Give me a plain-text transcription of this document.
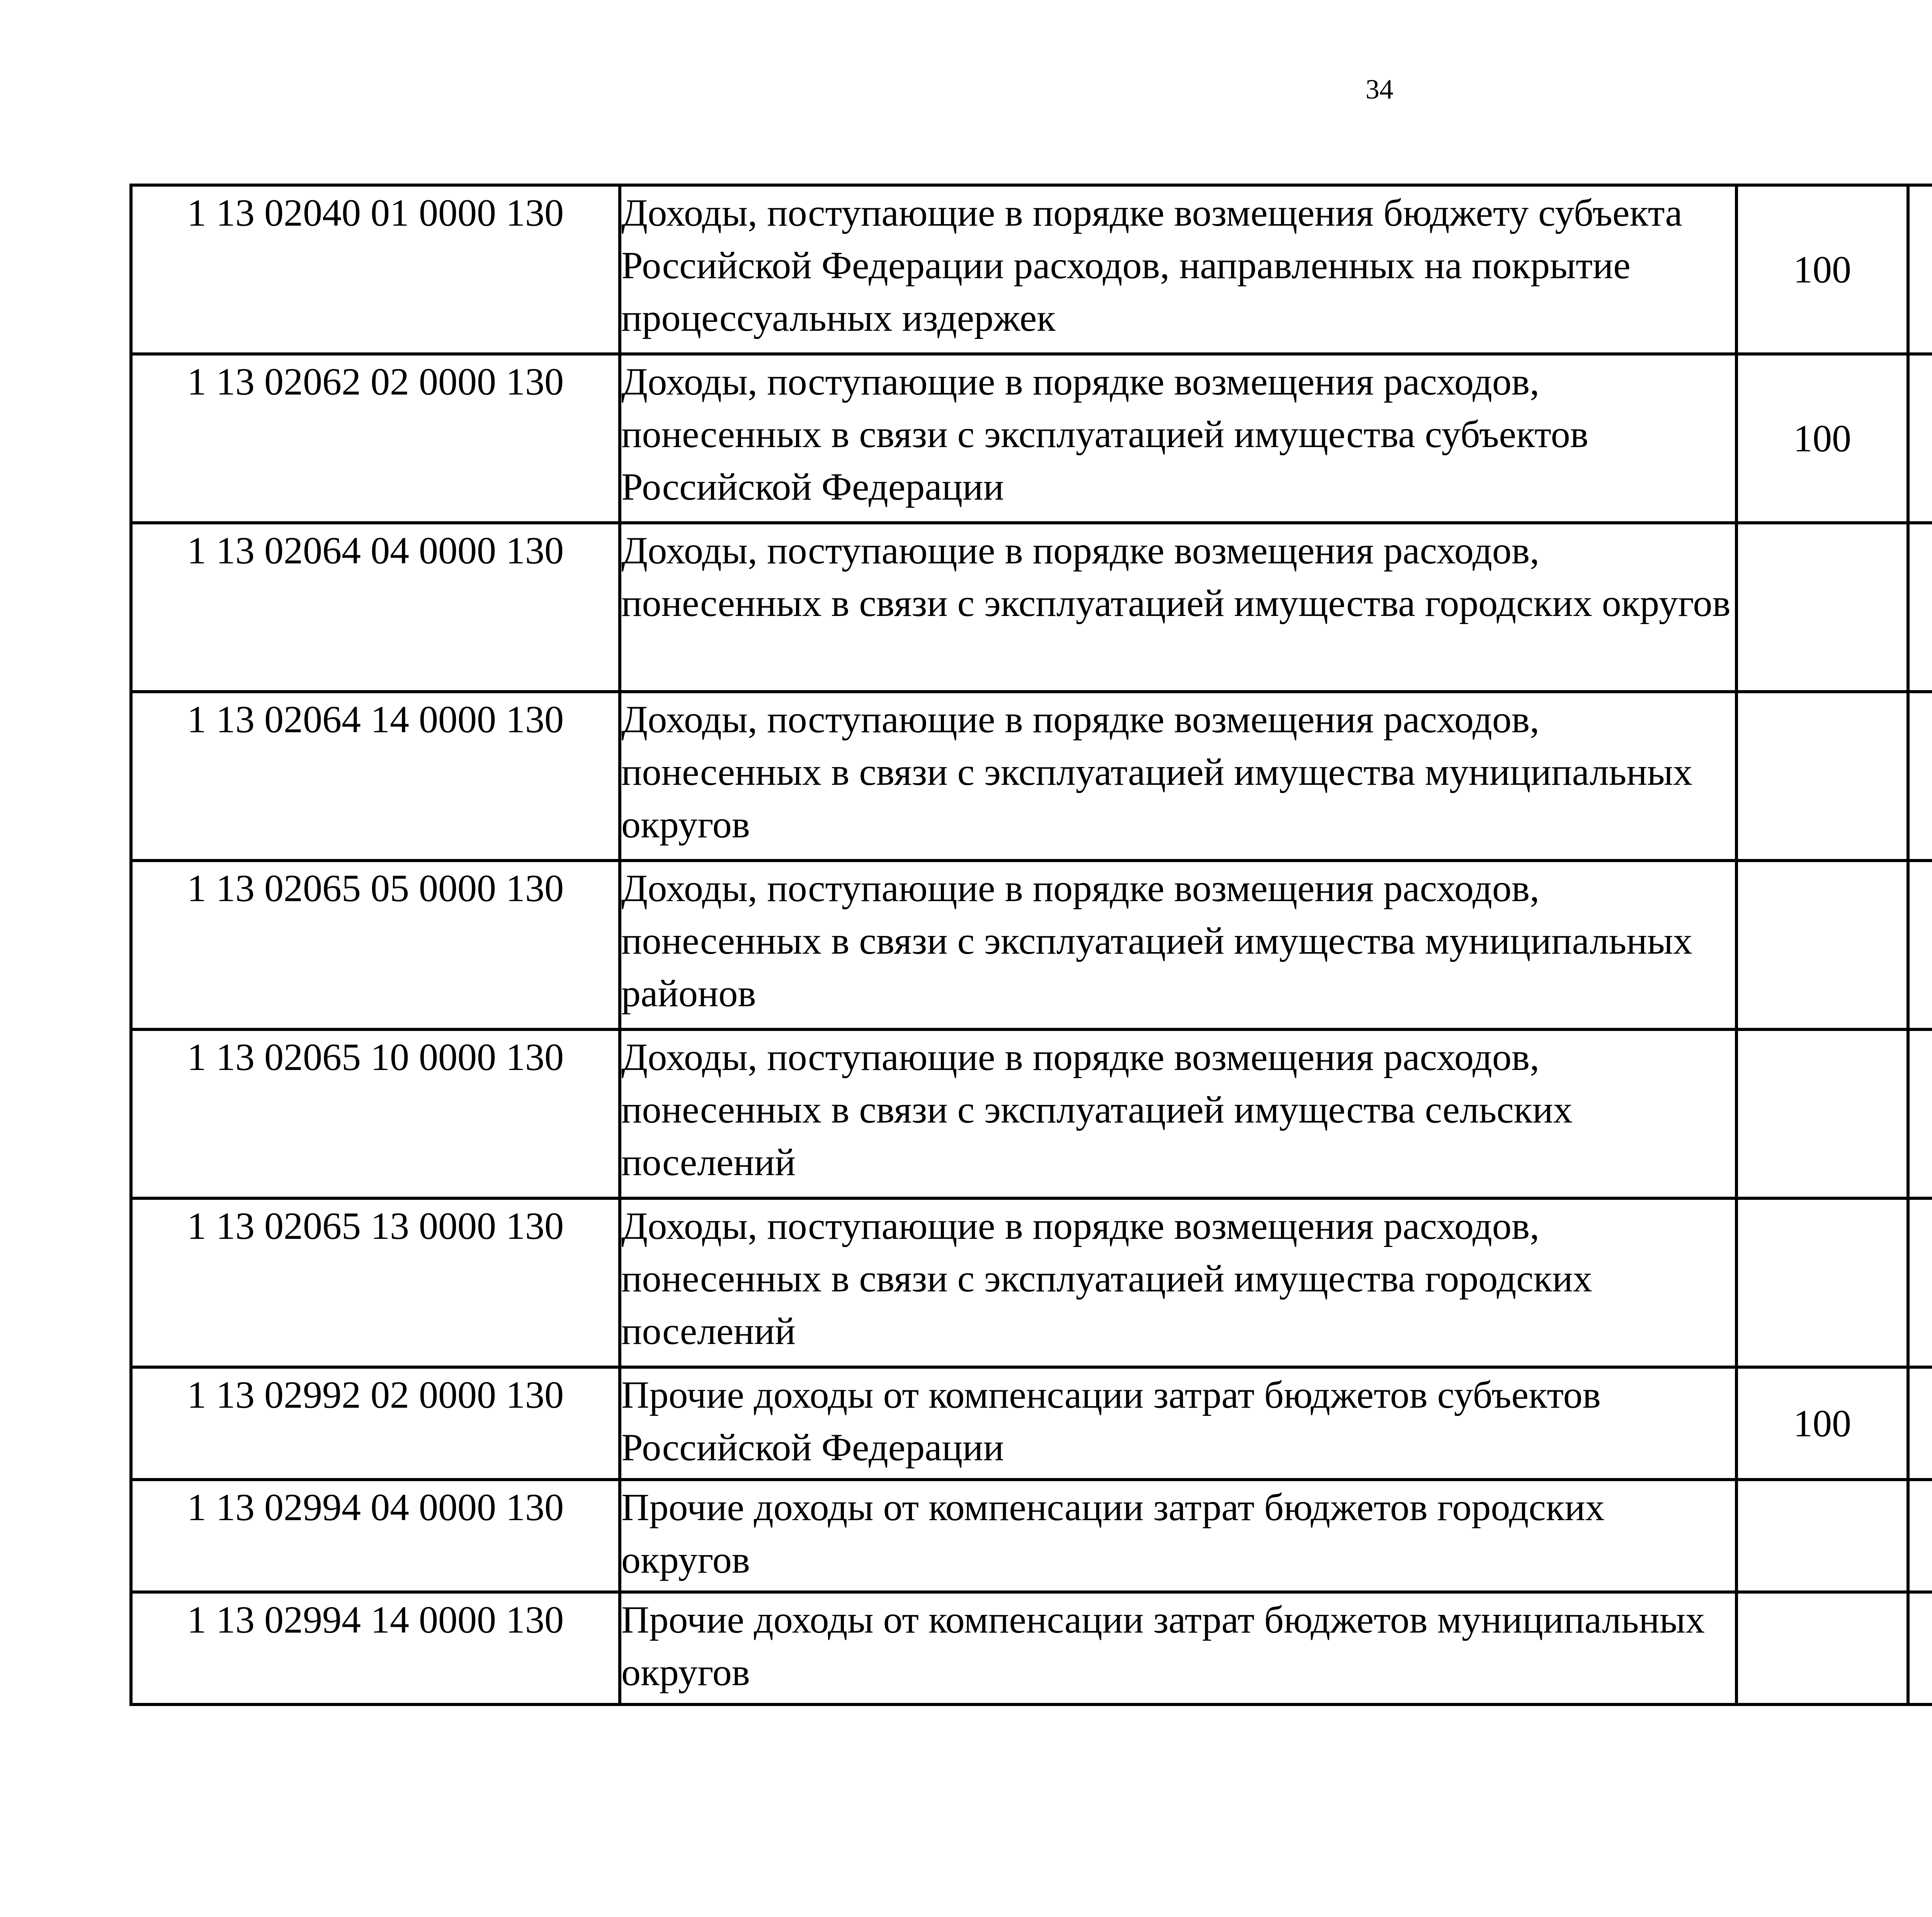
34
1 13 02040 01 0000 130	Доходы, поступающие в порядке возмещения бюджету субъекта Российской Федерации расходов, направленных на покрытие процессуальных издержек	100				
1 13 02062 02 0000 130	Доходы, поступающие в порядке возмещения расходов, понесенных в связи с эксплуатацией имущества субъектов Российской Федерации	100				
1 13 02064 04 0000 130	Доходы, поступающие в порядке возмещения расходов, понесенных в связи с эксплуатацией имущества городских округов					
1 13 02064 14 0000 130	Доходы, поступающие в порядке возмещения расходов, понесенных в связи с эксплуатацией имущества муниципальных округов					
1 13 02065 05 0000 130	Доходы, поступающие в порядке возмещения расходов, понесенных в связи с эксплуатацией имущества муниципальных районов					
1 13 02065 10 0000 130	Доходы, поступающие в порядке возмещения расходов, понесенных в связи с эксплуатацией имущества сельских поселений					
1 13 02065 13 0000 130	Доходы, поступающие в порядке возмещения расходов, понесенных в связи с эксплуатацией имущества городских поселений					
1 13 02992 02 0000 130	Прочие доходы от компенсации затрат бюджетов субъектов Российской Федерации	100				
1 13 02994 04 0000 130	Прочие доходы от компенсации затрат бюджетов городских округов					
1 13 02994 14 0000 130	Прочие доходы от компенсации затрат бюджетов муниципальных округов					
